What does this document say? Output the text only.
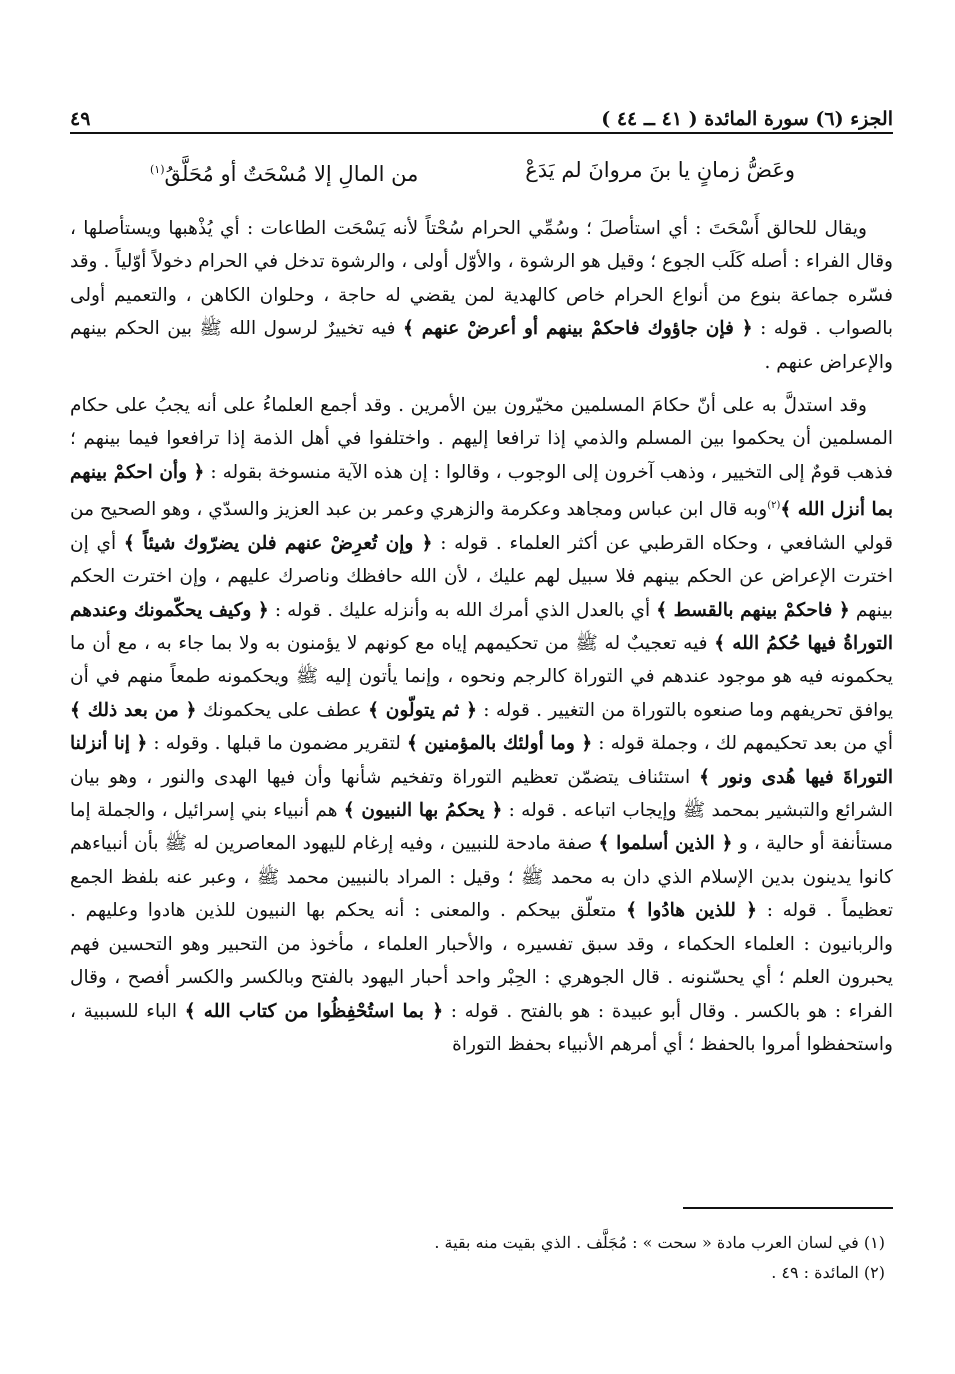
الجزء (٦) سورة المائدة ( ٤١ ــ ٤٤ )
٤٩
وعَضُّ زمانٍ يا بنَ مروانَ لم يَدَعْ
من المالِ إلا مُسْحَتٌ أو مُحَلَّقُ$^{(١)}$

ويقال للحالق أَسْحَتَ : أي استأصلَ ؛ وسُمِّي الحرام سُحْتاً لأنه يَسْحَت الطاعات : أي يُذْهبها ويستأصلها ، وقال الفراء : أصله كَلَب الجوع ؛ وقيل هو الرشوة ، والأوّل أولى ، والرشوة تدخل في الحرام دخولاً أوّلياً . وقد فسّره جماعة بنوع من أنواع الحرام خاص كالهدية لمن يقضي له حاجة ، وحلوان الكاهن ، والتعميم أولى بالصواب . قوله : ﴿ فإن جاؤوك فاحكمْ بينهم أو أعرضْ عنهم ﴾ فيه تخييرٌ لرسول الله ﷺ بين الحكم بينهم والإعراض عنهم .

وقد استدلَّ به على أنّ حكامَ المسلمين مخيّرون بين الأمرين . وقد أجمع العلماءُ على أنه يجبُ على حكام المسلمين أن يحكموا بين المسلم والذمي إذا ترافعا إليهم . واختلفوا في أهل الذمة إذا ترافعوا فيما بينهم ؛ فذهب قومٌ إلى التخيير ، وذهب آخرون إلى الوجوب ، وقالوا : إن هذه الآية منسوخة بقوله : ﴿ وأن احكمْ بينهم بما أنزل الله ﴾$^{(٢)}$وبه قال ابن عباس ومجاهد وعكرمة والزهري وعمر بن عبد العزيز والسدّي ، وهو الصحيح من قولي الشافعي ، وحكاه القرطبي عن أكثر العلماء . قوله : ﴿ وإن تُعرِضْ عنهم فلن يضرّوك شيئاً ﴾ أي إن اخترت الإعراض عن الحكم بينهم فلا سبيل لهم عليك ، لأن الله حافظك وناصرك عليهم ، وإن اخترت الحكم بينهم ﴿ فاحكمْ بينهم بالقسط ﴾ أي بالعدل الذي أمرك الله به وأنزله عليك . قوله : ﴿ وكيف يحكّمونك وعندهم التوراةُ فيها حُكمُ الله ﴾ فيه تعجيبٌ له ﷺ من تحكيمهم إياه مع كونهم لا يؤمنون به ولا بما جاء به ، مع أن ما يحكمونه فيه هو موجود عندهم في التوراة كالرجم ونحوه ، وإنما يأتون إليه ﷺ ويحكمونه طمعاً منهم في أن يوافق تحريفهم وما صنعوه بالتوراة من التغيير . قوله : ﴿ ثم يتولّون ﴾ عطف على يحكمونك ﴿ من بعد ذلك ﴾ أي من بعد تحكيمهم لك ، وجملة قوله : ﴿ وما أولئك بالمؤمنين ﴾ لتقرير مضمون ما قبلها . وقوله : ﴿ إنا أنزلنا التوراةَ فيها هُدى ونور ﴾ استئناف يتضمّن تعظيم التوراة وتفخيم شأنها وأن فيها الهدى والنور ، وهو بيان الشرائع والتبشير بمحمد ﷺ وإيجاب اتباعه . قوله : ﴿ يحكمُ بها النبيون ﴾ هم أنبياء بني إسرائيل ، والجملة إما مستأنفة أو حالية ، و ﴿ الذين أسلموا ﴾ صفة مادحة للنبيين ، وفيه إرغام لليهود المعاصرين له ﷺ بأن أنبياءهم كانوا يدينون بدين الإسلام الذي دان به محمد ﷺ ؛ وقيل : المراد بالنبيين محمد ﷺ ، وعبر عنه بلفظ الجمع تعظيماً . قوله : ﴿ للذين هادُوا ﴾ متعلّق بيحكم . والمعنى : أنه يحكم بها النبيون للذين هادوا وعليهم . والربانيون : العلماء الحكماء ، وقد سبق تفسيره ، والأحبار العلماء ، مأخوذ من التحبير وهو التحسين فهم يحبرون العلم ؛ أي يحسّنونه . قال الجوهري : الحِبْر واحد أحبار اليهود بالفتح وبالكسر والكسر أفصح ، وقال الفراء : هو بالكسر . وقال أبو عبيدة : هو بالفتح . قوله : ﴿ بما استُحْفِظُوا من كتاب الله ﴾ الباء للسببية ، واستحفظوا أمروا بالحفظ ؛ أي أمرهم الأنبياء بحفظ التوراة

(١) في لسان العرب مادة « سحت » : مُجَلَّف . الذي بقيت منه بقية .
(٢) المائدة : ٤٩ .
